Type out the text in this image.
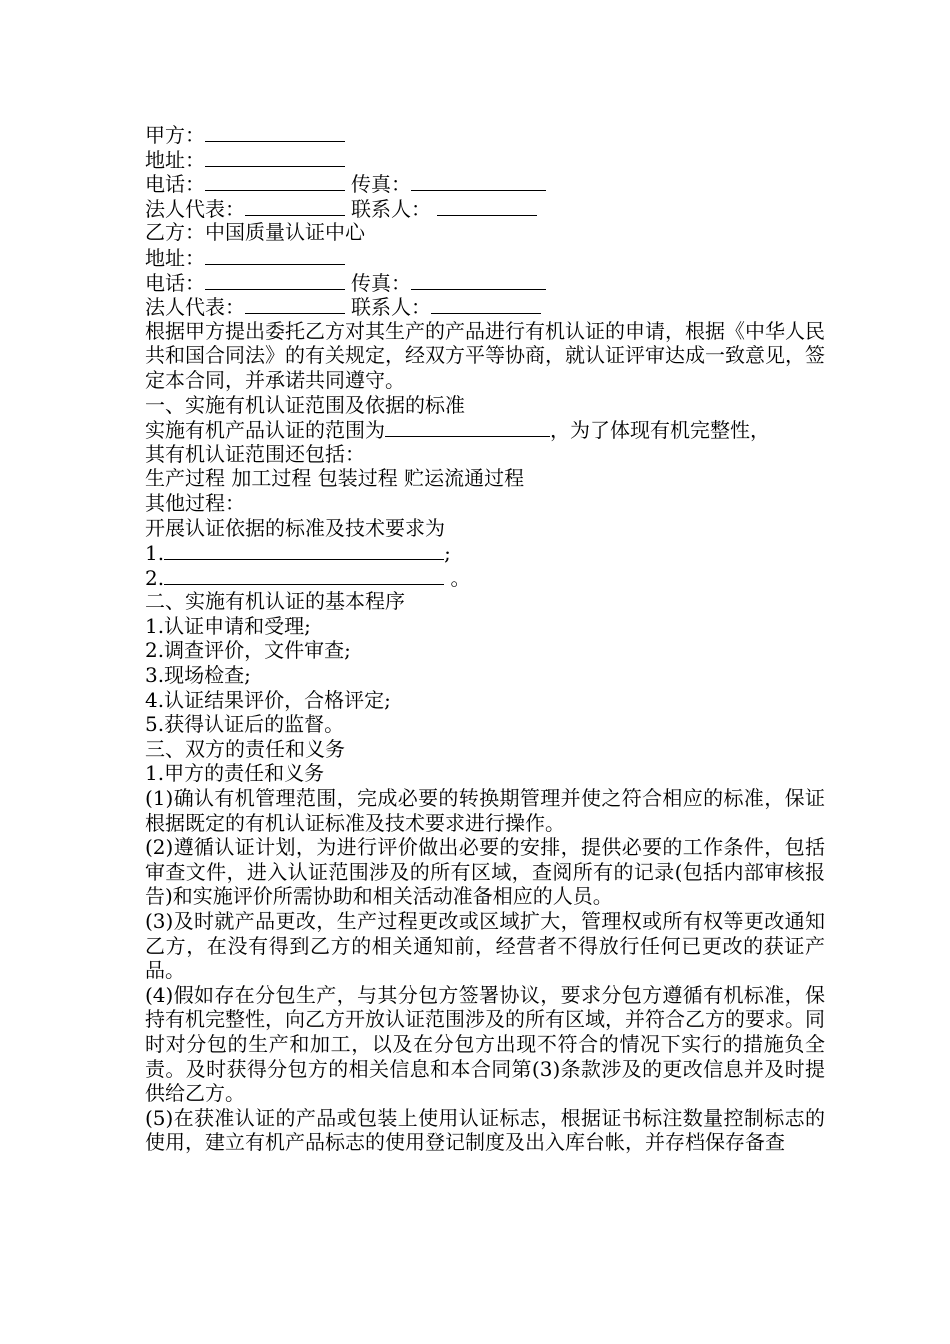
甲方：
地址：
电话：	传真：
法人代表：	联系人：
乙方：中国质量认证中心
地址：
电话：	传真：
法人代表：	联系人：
根据甲方提出委托乙方对其生产的产品进行有机认证的申请，根据《中华人民共和国合同法》的有关规定，经双方平等协商，就认证评审达成一致意见，签定本合同，并承诺共同遵守。
一、实施有机认证范围及依据的标准
实施有机产品认证的范围为	，为了体现有机完整性，
其有机认证范围还包括：
生产过程 加工过程 包装过程 贮运流通过程
其他过程：
开展认证依据的标准及技术要求为
1.	;
2.	。
二、实施有机认证的基本程序
1.认证申请和受理;
2.调查评价，文件审查;
3.现场检查;
4.认证结果评价，合格评定;
5.获得认证后的监督。
三、双方的责任和义务
1.甲方的责任和义务
(1)确认有机管理范围，完成必要的转换期管理并使之符合相应的标准，保证根据既定的有机认证标准及技术要求进行操作。
(2)遵循认证计划，为进行评价做出必要的安排，提供必要的工作条件，包括审查文件，进入认证范围涉及的所有区域，查阅所有的记录(包括内部审核报告)和实施评价所需协助和相关活动准备相应的人员。
(3)及时就产品更改，生产过程更改或区域扩大，管理权或所有权等更改通知乙方，在没有得到乙方的相关通知前，经营者不得放行任何已更改的获证产品。
(4)假如存在分包生产，与其分包方签署协议，要求分包方遵循有机标准，保持有机完整性，向乙方开放认证范围涉及的所有区域，并符合乙方的要求。同时对分包的生产和加工，以及在分包方出现不符合的情况下实行的措施负全责。及时获得分包方的相关信息和本合同第(3)条款涉及的更改信息并及时提供给乙方。
(5)在获准认证的产品或包装上使用认证标志，根据证书标注数量控制标志的使用，建立有机产品标志的使用登记制度及出入库台帐，并存档保存备查
